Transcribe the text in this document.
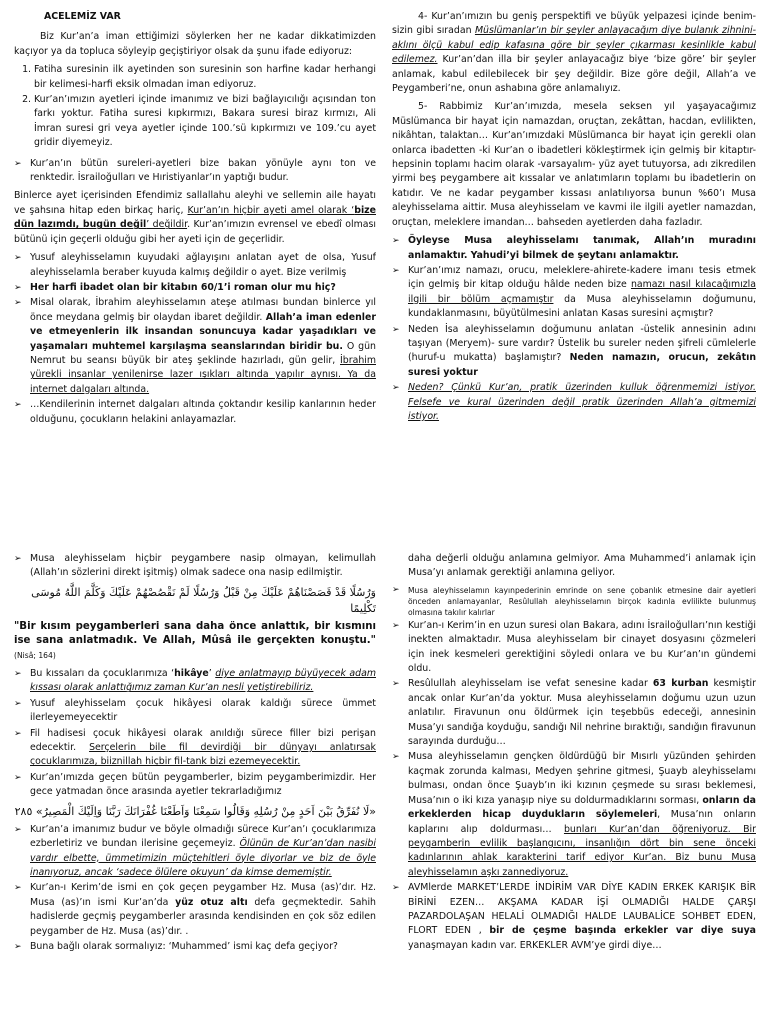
ACELEMİZ VAR

Biz Kur’an’a iman ettiğimizi söylerken her ne kadar dikkatimizden kaçıyor ya da topluca söyleyip geçiştiriyor olsak da şunu ifade ediyoruz:

1. Fatiha suresinin ilk ayetinden son suresinin son harfine kadar herhangi bir kelimesi-harfi eksik olmadan iman ediyoruz.
2. Kur’an’ımızın ayetleri içinde imanımız ve bizi bağlayıcılığı açısından ton farkı yoktur. Fatiha suresi kıpkırmızı, Bakara suresi biraz kırmızı, Ali İmran suresi gri veya ayetler içinde 100.’sü kıpkırmızı ve 109.’cu ayet gridir diyemeyiz.
➢ Kur’an’ın bütün sureleri-ayetleri bize bakan yönüyle aynı ton ve renktedir. İsrailoğulları ve Hıristiyanlar’ın yaptığı budur.

Binlerce ayet içerisinden Efendimiz sallallahu aleyhi ve sellemin aile hayatı ve şahsına hitap eden birkaç hariç, Kur’an’ın hiçbir ayeti amel olarak ‘bize dün lazımdı, bugün değil’ değildir. Kur’an’ımızın evrensel ve ebedî olması bütünü için geçerli olduğu gibi her ayeti için de geçerlidir.

➢ Yusuf aleyhisselamın kuyudaki ağlayışını anlatan ayet de olsa, Yusuf aleyhisselamla beraber kuyuda kalmış değildir o ayet. Bize verilmiş
➢ Her harfi ibadet olan bir kitabın 60/1’i roman olur mu hiç?
➢ Misal olarak, İbrahim aleyhisselamın ateşe atılması bundan binlerce yıl önce meydana gelmiş bir olaydan ibaret değildir. Allah’a iman edenler ve etmeyenlerin ilk insandan sonuncuya kadar yaşadıkları ve yaşamaları muhtemel karşılaşma seanslarından biridir bu. O gün Nemrut bu seansı büyük bir ateş şeklinde hazırladı, gün gelir, İbrahim yürekli insanlar yenilenirse lazer ışıkları altında yapılır aynısı. Ya da internet dalgaları altında.
➢ …Kendilerinin internet dalgaları altında çoktandır kesilip kanlarının heder olduğunu, çocukların helakini anlayamazlar.

4- Kur’an’ımızın bu geniş perspektifi ve büyük yelpazesi içinde benim-sizin gibi sıradan Müslümanlar’ın bir şeyler anlayacağım diye bulanık zihnini-aklını ölçü kabul edip kafasına göre bir şeyler çıkarması kesinlikle kabul edilemez. Kur’an’dan illa bir şeyler anlayacağız biye ‘bize göre’ bir şeyler anlamak, kabul edilebilecek bir şey değildir. Bize göre değil, Allah’a ve Peygamberi’ne, onun ashabına göre anlamalıyız.

5- Rabbimiz Kur’an’ımızda, mesela seksen yıl yaşayacağımız Müslümanca bir hayat için namazdan, oruçtan, zekâttan, hacdan, evlilikten, nikâhtan, talaktan… Kur’an’ımızdaki Müslümanca bir hayat için gerekli olan onlarca ibadetten -ki Kur’an o ibadetleri kökleştirmek için gelmiş bir kitaptır- hepsinin toplamı hacim olarak -varsayalım- yüz ayet tutuyorsa, adı zikredilen yirmi beş peygambere ait kıssalar ve anlatımların toplamı bu ibadetlerin on katıdır. Ve ne kadar peygamber kıssası anlatılıyorsa bunun %60’ı Musa aleyhisselama aittir. Musa aleyhisselam ve kavmi ile ilgili ayetler namazdan, oruçtan, meleklere imandan… bahseden ayetlerden daha fazladır.

➢ Öyleyse Musa aleyhisselamı tanımak, Allah’ın muradını anlamaktır. Yahudi’yi bilmek de şeytanı anlamaktır.
➢ Kur’an’ımız namazı, orucu, meleklere-ahirete-kadere imanı tesis etmek için gelmiş bir kitap olduğu hâlde neden bize namazı nasıl kılacağımızla ilgili bir bölüm açmamıştır da Musa aleyhisselamın doğumunu, kundaklanmasını, büyütülmesini anlatan Kasas suresini açmıştır?
➢ Neden İsa aleyhisselamın doğumunu anlatan -üstelik annesinin adını taşıyan (Meryem)- sure vardır? Üstelik bu sureler neden şifreli cümlelerle (huruf-u mukatta) başlamıştır? Neden namazın, orucun, zekâtın suresi yoktur
➢ Neden? Çünkü Kur’an, pratik üzerinden kulluk öğrenmemizi istiyor. Felsefe ve kural üzerinden değil pratik üzerinden Allah’a gitmemizi istiyor.
➢ Musa aleyhisselam hiçbir peygambere nasip olmayan, kelimullah (Allah’ın sözlerini direkt işitmiş) olmak sadece ona nasip edilmiştir.

وَرُسُلًا قَدْ قَصَصْنَاهُمْ عَلَيْكَ مِنْ قَبْلُ وَرُسُلًا لَمْ نَقْصُصْهُمْ عَلَيْكَ وَكَلَّمَ اللَّهُ مُوسَى تَكْلِيمًا

"Bir kısım peygamberleri sana daha önce anlattık, bir kısmını ise sana anlatmadık. Ve Allah, Mûsâ ile gerçekten konuştu." (Nisâ; 164)

➢ Bu kıssaları da çocuklarımıza ‘hikâye’ diye anlatmayıp büyüyecek adam kıssası olarak anlattığımız zaman Kur’an nesli yetiştirebiliriz.
➢ Yusuf aleyhisselam çocuk hikâyesi olarak kaldığı sürece ümmet ilerleyemeyecektir
➢ Fil hadisesi çocuk hikâyesi olarak anıldığı sürece filler bizi perişan edecektir. Serçelerin bile fil devirdiği bir dünyayı anlatırsak çocuklarımıza, biiznillah hiçbir fil-tank bizi ezemeyecektir.
➢ Kur’an’ımızda geçen bütün peygamberler, bizim peygamberimizdir. Her gece yatmadan önce arasında ayetler tekrarladığımız

«لَا نُفَرِّقُ بَيْنَ اَحَدٍ مِنْ رُسُلِهِ وَقَالُوا سَمِعْنَا وَاَطَعْنَا غُفْرَانَكَ رَبَّنَا وَاِلَيْكَ الْمَصِيرُ» ٢٨٥

➢ Kur’an’a imanımız budur ve böyle olmadığı sürece Kur’an’ı çocuklarımıza ezberletiriz ve bundan ilerisine geçemeyiz. Ölünün de Kur’an’dan nasibi vardır elbette, ümmetimizin müçtehitleri öyle diyorlar ve biz de öyle inanıyoruz, ancak ‘sadece ölülere okuyun’ da kimse dememiştir.
➢ Kur’an-ı Kerim’de ismi en çok geçen peygamber Hz. Musa (as)’dır. Hz. Musa (as)’ın ismi Kur’an’da yüz otuz altı defa geçmektedir. Sahih hadislerde geçmiş peygamberler arasında kendisinden en çok söz edilen peygamber de Hz. Musa (as)’dır. .
➢ Buna bağlı olarak sormalıyız: ‘Muhammed’ ismi kaç defa geçiyor?

daha değerli olduğu anlamına gelmiyor. Ama Muhammed’i anlamak için Musa’yı anlamak gerektiği anlamına geliyor.

➢ Musa aleyhisselamın kayınpederinin emrinde on sene çobanlık etmesine dair ayetleri önceden anlamayanlar, Resûlullah aleyhisselamın birçok kadınla evlilikte bulunmuş olmasına takılır kalırlar
➢ Kur’an-ı Kerim’in en uzun suresi olan Bakara, adını İsrailoğulları’nın kestiği inekten almaktadır. Musa aleyhisselam bir cinayet dosyasını çözmeleri için inek kesmeleri gerektiğini söyledi onlara ve bu Kur’an’ın gündemi oldu.
➢ Resûlullah aleyhisselam ise vefat senesine kadar 63 kurban kesmiştir ancak onlar Kur’an’da yoktur. Musa aleyhisselamın doğumu uzun uzun anlatılır. Firavunun onu öldürmek için teşebbüs edeceği, annesinin Musa’yı sandığa koyduğu, sandığı Nil nehrine bıraktığı, sandığın firavunun sarayında durduğu…
➢ Musa aleyhisselamın gençken öldürdüğü bir Mısırlı yüzünden şehirden kaçmak zorunda kalması, Medyen şehrine gitmesi, Şuayb aleyhisselamı bulması, ondan önce Şuayb’ın iki kızının çeşmede su sırası beklemesi, Musa’nın o iki kıza yanaşıp niye su doldurmadıklarını sorması, onların da erkeklerden hicap duydukların söylemeleri, Musa’nın onların kaplarını alıp doldurması… bunları Kur’an’dan öğreniyoruz. Bir peygamberin evlilik başlangıcını, insanlığın dört bin sene önceki kadınlarının ahlak karakterini tarif ediyor Kur’an. Biz bunu Musa aleyhisselamın aşkı zannediyoruz.
➢ AVMlerde MARKET’LERDE İNDİRİM VAR DİYE KADIN ERKEK KARIŞIK BİR BİRİNİ EZEN… AKŞAMA KADAR İŞİ OLMADIĞI HALDE ÇARŞI PAZARDOLAŞAN HELALİ OLMADIĞI HALDE LAUBALİCE SOHBET EDEN, FLORT EDEN , bir de çeşme başında erkekler var diye suya yanaşmayan kadın var. ERKEKLER AVM’ye girdi diye…
